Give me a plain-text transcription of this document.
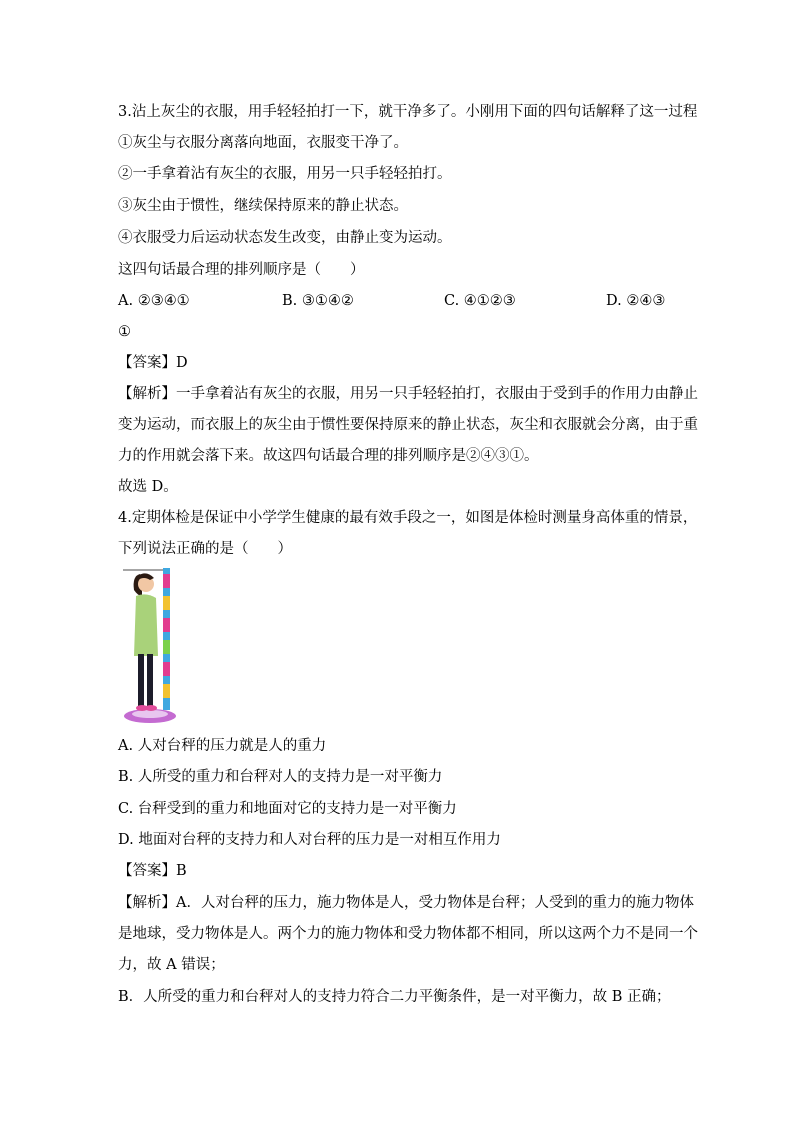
3.沾上灰尘的衣服，用手轻轻拍打一下，就干净多了。小刚用下面的四句话解释了这一过程
①灰尘与衣服分离落向地面，衣服变干净了。
②一手拿着沾有灰尘的衣服，用另一只手轻轻拍打。
③灰尘由于惯性，继续保持原来的静止状态。
④衣服受力后运动状态发生改变，由静止变为运动。
这四句话最合理的排列顺序是（　　）
A. ②③④①	B. ③①④②	C. ④①②③	D. ②④③
①
【答案】D
【解析】一手拿着沾有灰尘的衣服，用另一只手轻轻拍打，衣服由于受到手的作用力由静止
变为运动，而衣服上的灰尘由于惯性要保持原来的静止状态，灰尘和衣服就会分离，由于重
力的作用就会落下来。故这四句话最合理的排列顺序是②④③①。
故选 D。
4.定期体检是保证中小学学生健康的最有效手段之一，如图是体检时测量身高体重的情景，
下列说法正确的是（　　）
A. 人对台秤的压力就是人的重力
B. 人所受的重力和台秤对人的支持力是一对平衡力
C. 台秤受到的重力和地面对它的支持力是一对平衡力
D. 地面对台秤的支持力和人对台秤的压力是一对相互作用力
【答案】B
【解析】A．人对台秤的压力，施力物体是人，受力物体是台秤；人受到的重力的施力物体
是地球，受力物体是人。两个力的施力物体和受力物体都不相同，所以这两个力不是同一个
力，故 A 错误；
B．人所受的重力和台秤对人的支持力符合二力平衡条件，是一对平衡力，故 B 正确；
